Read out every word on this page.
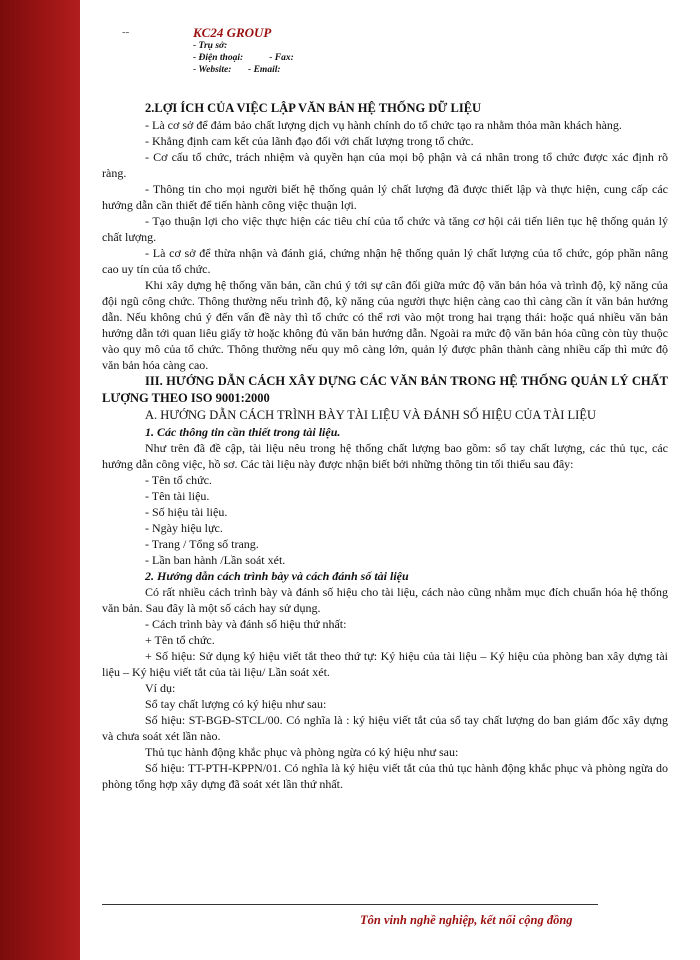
--	KC24 GROUP
- Trụ sở:
- Điện thoại:           - Fax:
- Website:       - Email:

2.LỢI ÍCH CỦA VIỆC LẬP VĂN BẢN HỆ THỐNG DỮ LIỆU

- Là cơ sở để đảm bảo chất lượng dịch vụ hành chính do tổ chức tạo ra nhằm thỏa mãn khách hàng.

- Khẳng định cam kết của lãnh đạo đối với chất lượng trong tổ chức.

- Cơ cấu tổ chức, trách nhiệm và quyền hạn của mọi bộ phận và cá nhân trong tổ chức được xác định rõ ràng.

- Thông tin cho mọi người biết hệ thống quản lý chất lượng đã được thiết lập và thực hiện, cung cấp các hướng dẫn cần thiết để tiến hành công việc thuận lợi.

- Tạo thuận lợi cho việc thực hiện các tiêu chí của tổ chức và tăng cơ hội cải tiến liên tục hệ thống quản lý chất lượng.

- Là cơ sở để thừa nhận và đánh giá, chứng nhận hệ thống quản lý chất lượng của tổ chức, góp phần nâng cao uy tín của tổ chức.

Khi xây dựng hệ thống văn bản, cần chú ý tới sự cân đối giữa mức độ văn bản hóa và trình độ, kỹ năng của đội ngũ công chức. Thông thường nếu trình độ, kỹ năng của người thực hiện càng cao thì càng cần ít văn bản hướng dẫn. Nếu không chú ý đến vấn đề này thì tổ chức có thể rơi vào một trong hai trạng thái: hoặc quá nhiều văn bản hướng dẫn tới quan liêu giấy tờ hoặc không đủ văn bản hướng dẫn. Ngoài ra mức độ văn bản hóa cũng còn tùy thuộc vào quy mô của tổ chức. Thông thường nếu quy mô càng lớn, quản lý được phân thành càng nhiều cấp thì mức độ văn bản hóa càng cao.

III. HƯỚNG DẪN CÁCH XÂY DỰNG CÁC VĂN BẢN TRONG HỆ THỐNG QUẢN LÝ CHẤT LƯỢNG THEO ISO 9001:2000

A. HƯỚNG DẪN CÁCH TRÌNH BÀY TÀI LIỆU VÀ ĐÁNH SỐ HIỆU CỦA TÀI LIỆU

1. Các thông tin cần thiết trong tài liệu.

Như trên đã đề cập, tài liệu nêu trong hệ thống chất lượng bao gồm: sổ tay chất lượng, các thủ tục, các hướng dẫn công việc, hồ sơ. Các tài liệu này được nhận biết bởi những thông tin tối thiểu sau đây:

- Tên tổ chức.

- Tên tài liệu.

- Số hiệu tài liệu.

- Ngày hiệu lực.

- Trang / Tổng số trang.

- Lần ban hành /Lần soát xét.

2. Hướng dẫn cách trình bày và cách đánh số tài liệu

Có rất nhiều cách trình bày và đánh số hiệu cho tài liệu, cách nào cũng nhằm mục đích chuẩn hóa hệ thống văn bản. Sau đây là một số cách hay sử dụng.

- Cách trình bày và đánh số hiệu thứ nhất:

+ Tên tổ chức.

+ Số hiệu: Sử dụng ký hiệu viết tắt theo thứ tự: Ký hiệu của tài liệu – Ký hiệu của phòng ban xây dựng tài liệu – Ký hiệu viết tắt của tài liệu/ Lần soát xét.

Ví dụ:

Sổ tay chất lượng có ký hiệu như sau:

Số hiệu: ST-BGĐ-STCL/00. Có nghĩa là : ký hiệu viết tắt của sổ tay chất lượng do ban giám đốc xây dựng và chưa soát xét lần nào.

Thủ tục hành động khắc phục và phòng ngừa có ký hiệu như sau:

Số hiệu: TT-PTH-KPPN/01. Có nghĩa là ký hiệu viết tắt của thủ tục hành động khắc phục và phòng ngừa do phòng tổng hợp xây dựng đã soát xét lần thứ nhất.

Tôn vinh nghề nghiệp, kết nối cộng đồng
